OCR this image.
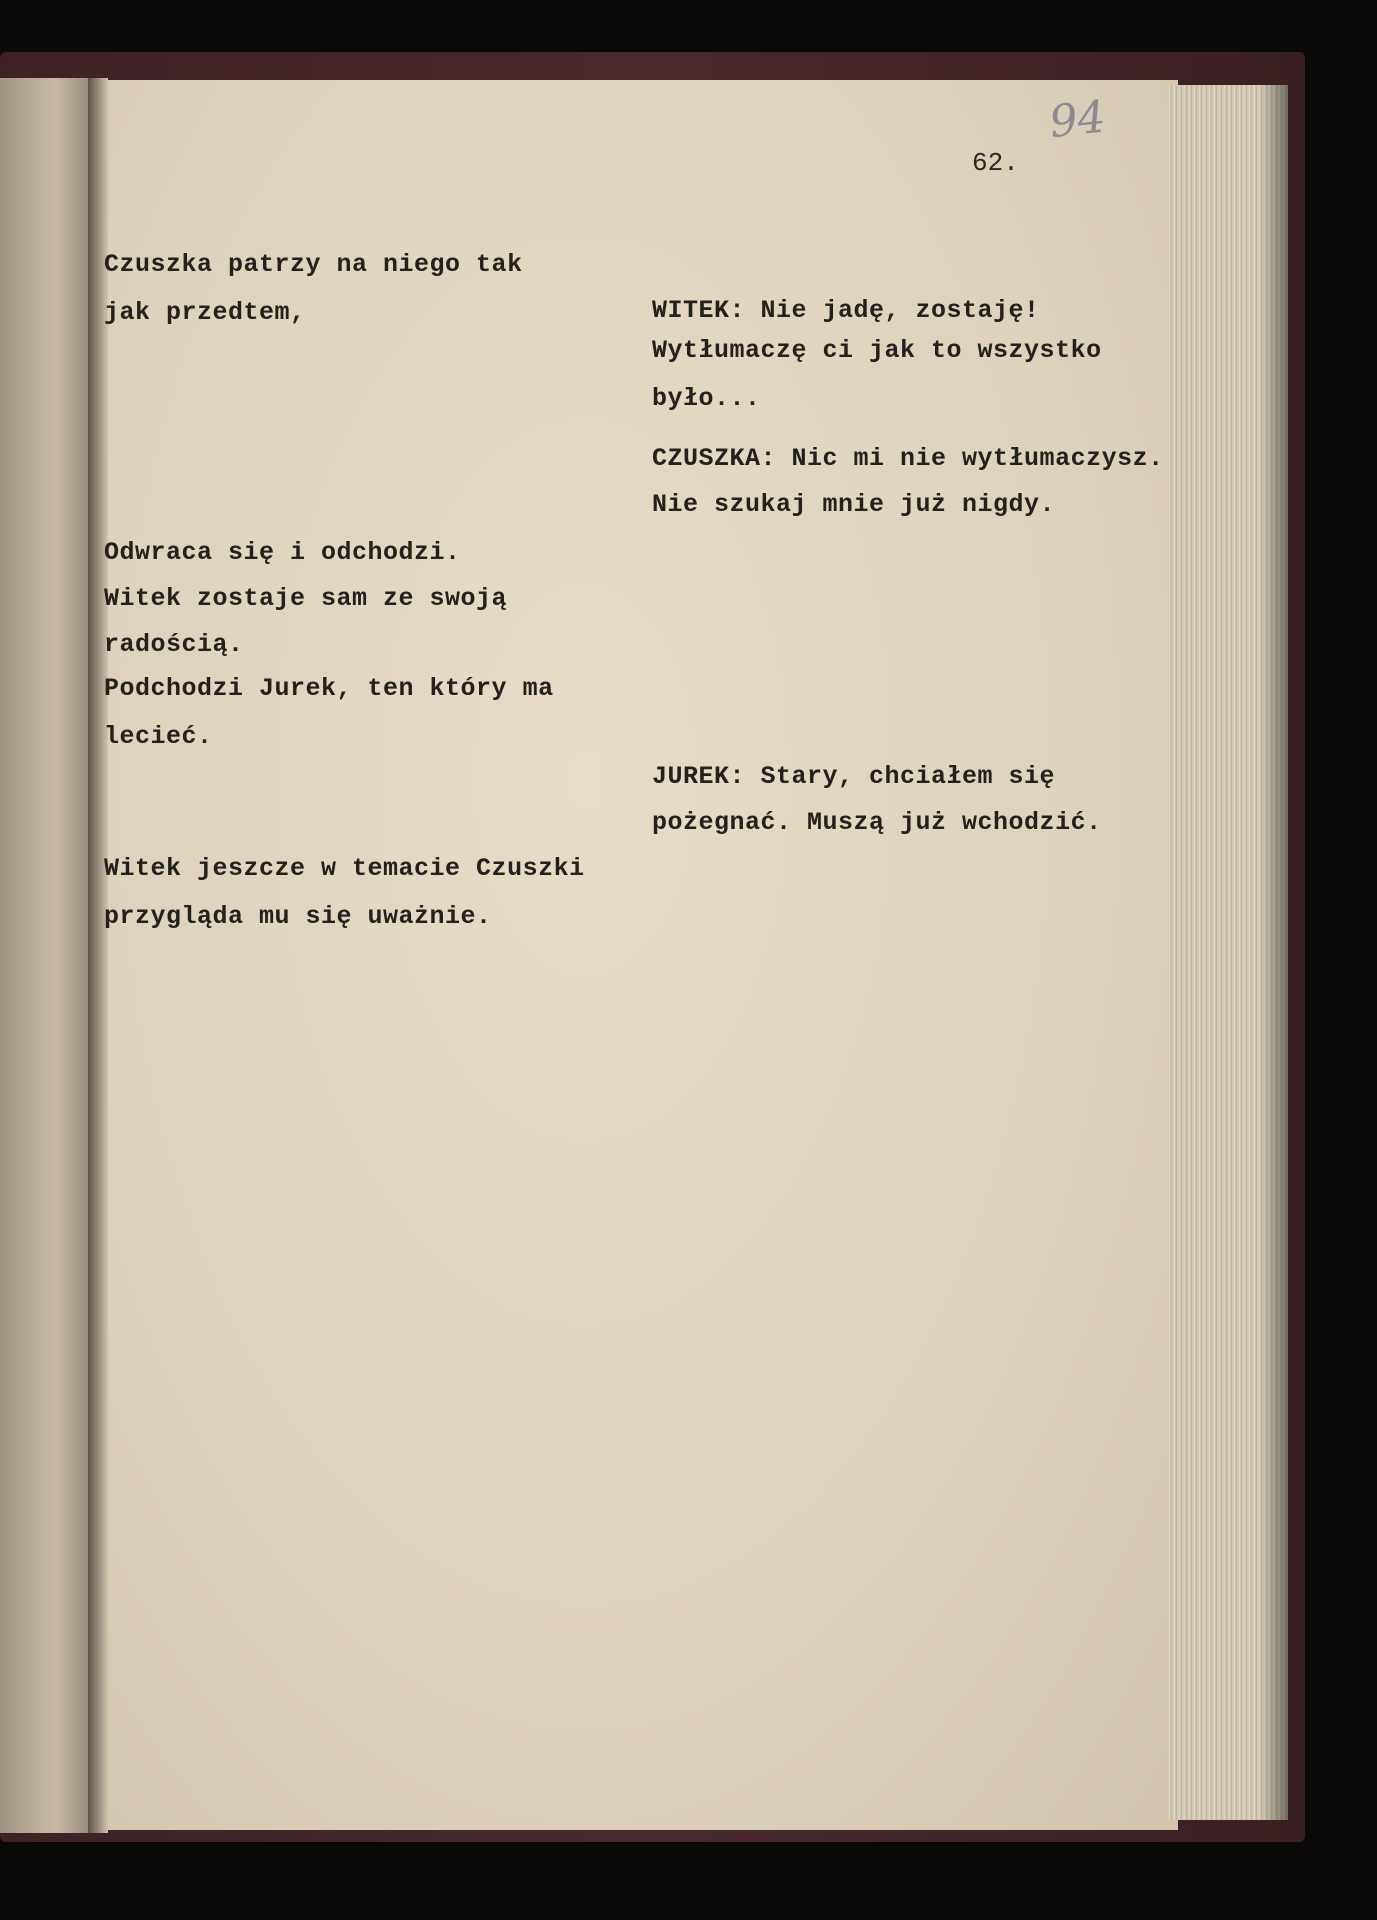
94
62.
Czuszka patrzy na niego tak
jak przedtem,
Odwraca się i odchodzi.
Witek zostaje sam ze swoją
radością.
Podchodzi Jurek, ten który ma
lecieć.
Witek jeszcze w temacie Czuszki
przygląda mu się uważnie.
WITEK: Nie jadę, zostaję!
Wytłumaczę ci jak to wszystko
było...
CZUSZKA: Nic mi nie wytłumaczysz.
Nie szukaj mnie już nigdy.
JUREK: Stary, chciałem się
pożegnać. Muszą już wchodzić.
